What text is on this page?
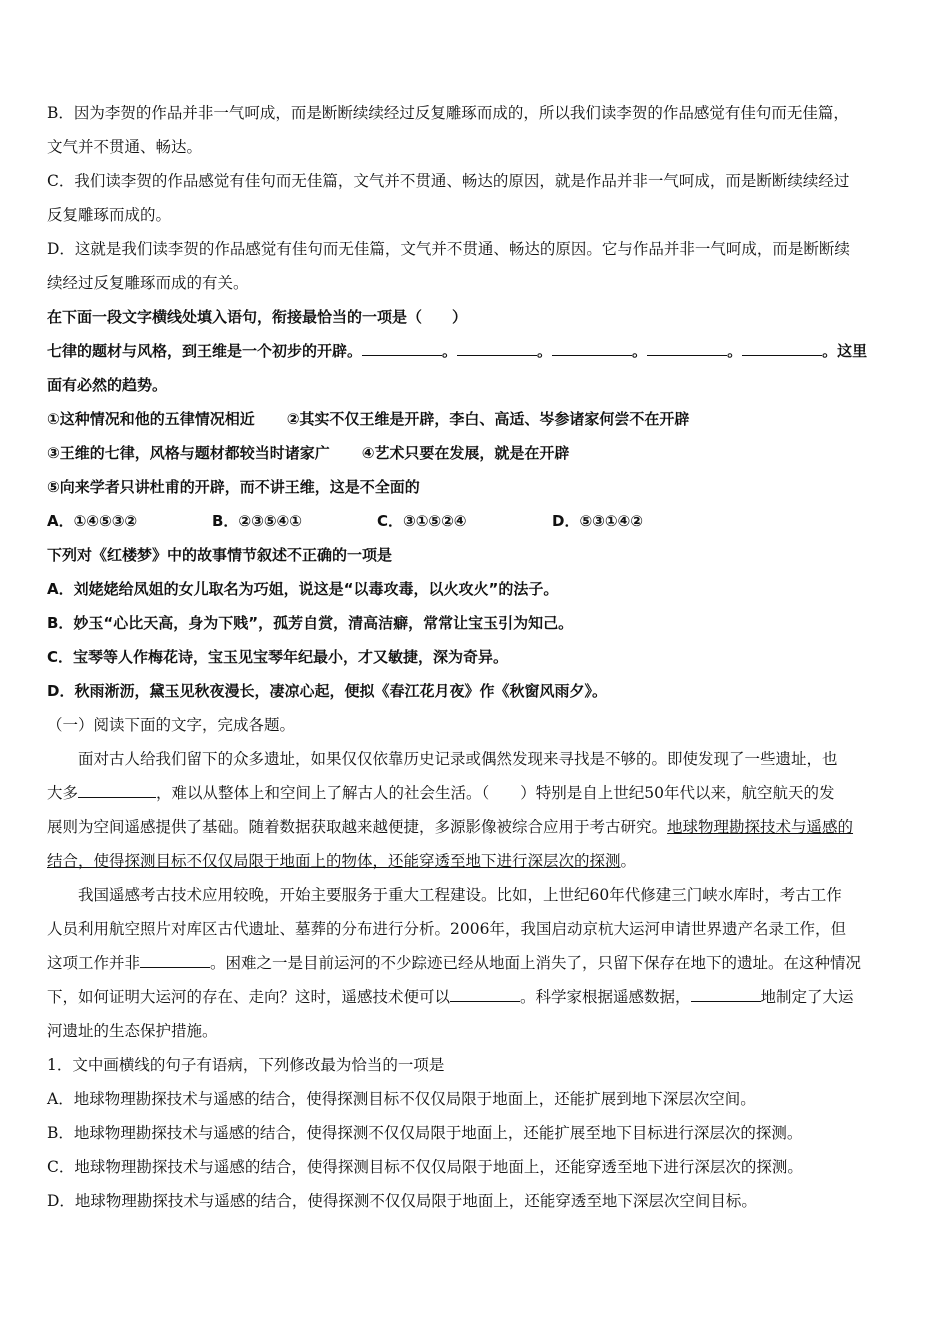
B．因为李贺的作品并非一气呵成，而是断断续续经过反复雕琢而成的，所以我们读李贺的作品感觉有佳句而无佳篇，

文气并不贯通、畅达。

C．我们读李贺的作品感觉有佳句而无佳篇，文气并不贯通、畅达的原因，就是作品并非一气呵成，而是断断续续经过

反复雕琢而成的。

D．这就是我们读李贺的作品感觉有佳句而无佳篇，文气并不贯通、畅达的原因。它与作品并非一气呵成，而是断断续

续经过反复雕琢而成的有关。

在下面一段文字横线处填入语句，衔接最恰当的一项是（　　）

七律的题材与风格，到王维是一个初步的开辟。	。	。	。	。	。这里

面有必然的趋势。

①这种情况和他的五律情况相近 ②其实不仅王维是开辟，李白、高适、岑参诸家何尝不在开辟

③王维的七律，风格与题材都较当时诸家广 ④艺术只要在发展，就是在开辟

⑤向来学者只讲杜甫的开辟，而不讲王维，这是不全面的

A．①④⑤③②	B．②③⑤④①	C．③①⑤②④	D．⑤③①④②

下列对《红楼梦》中的故事情节叙述不正确的一项是

A．刘姥姥给凤姐的女儿取名为巧姐，说这是“以毒攻毒，以火攻火”的法子。

B．妙玉“心比天高，身为下贱”，孤芳自赏，清高洁癖，常常让宝玉引为知己。

C．宝琴等人作梅花诗，宝玉见宝琴年纪最小，才又敏捷，深为奇异。

D．秋雨淅沥，黛玉见秋夜漫长，凄凉心起，便拟《春江花月夜》作《秋窗风雨夕》。

（一）阅读下面的文字，完成各题。

面对古人给我们留下的众多遗址，如果仅仅依靠历史记录或偶然发现来寻找是不够的。即使发现了一些遗址，也

大多	，难以从整体上和空间上了解古人的社会生活。（　　）特别是自上世纪50年代以来，航空航天的发

展则为空间遥感提供了基础。随着数据获取越来越便捷，多源影像被综合应用于考古研究。地球物理勘探技术与遥感的

结合，使得探测目标不仅仅局限于地面上的物体，还能穿透至地下进行深层次的探测。

我国遥感考古技术应用较晚，开始主要服务于重大工程建设。比如，上世纪60年代修建三门峡水库时，考古工作

人员利用航空照片对库区古代遗址、墓葬的分布进行分析。2006年，我国启动京杭大运河申请世界遗产名录工作，但

这项工作并非	。困难之一是目前运河的不少踪迹已经从地面上消失了，只留下保存在地下的遗址。在这种情况

下，如何证明大运河的存在、走向？这时，遥感技术便可以	。科学家根据遥感数据，	地制定了大运

河遗址的生态保护措施。

1．文中画横线的句子有语病，下列修改最为恰当的一项是

A．地球物理勘探技术与遥感的结合，使得探测目标不仅仅局限于地面上，还能扩展到地下深层次空间。

B．地球物理勘探技术与遥感的结合，使得探测不仅仅局限于地面上，还能扩展至地下目标进行深层次的探测。

C．地球物理勘探技术与遥感的结合，使得探测目标不仅仅局限于地面上，还能穿透至地下进行深层次的探测。

D．地球物理勘探技术与遥感的结合，使得探测不仅仅局限于地面上，还能穿透至地下深层次空间目标。
